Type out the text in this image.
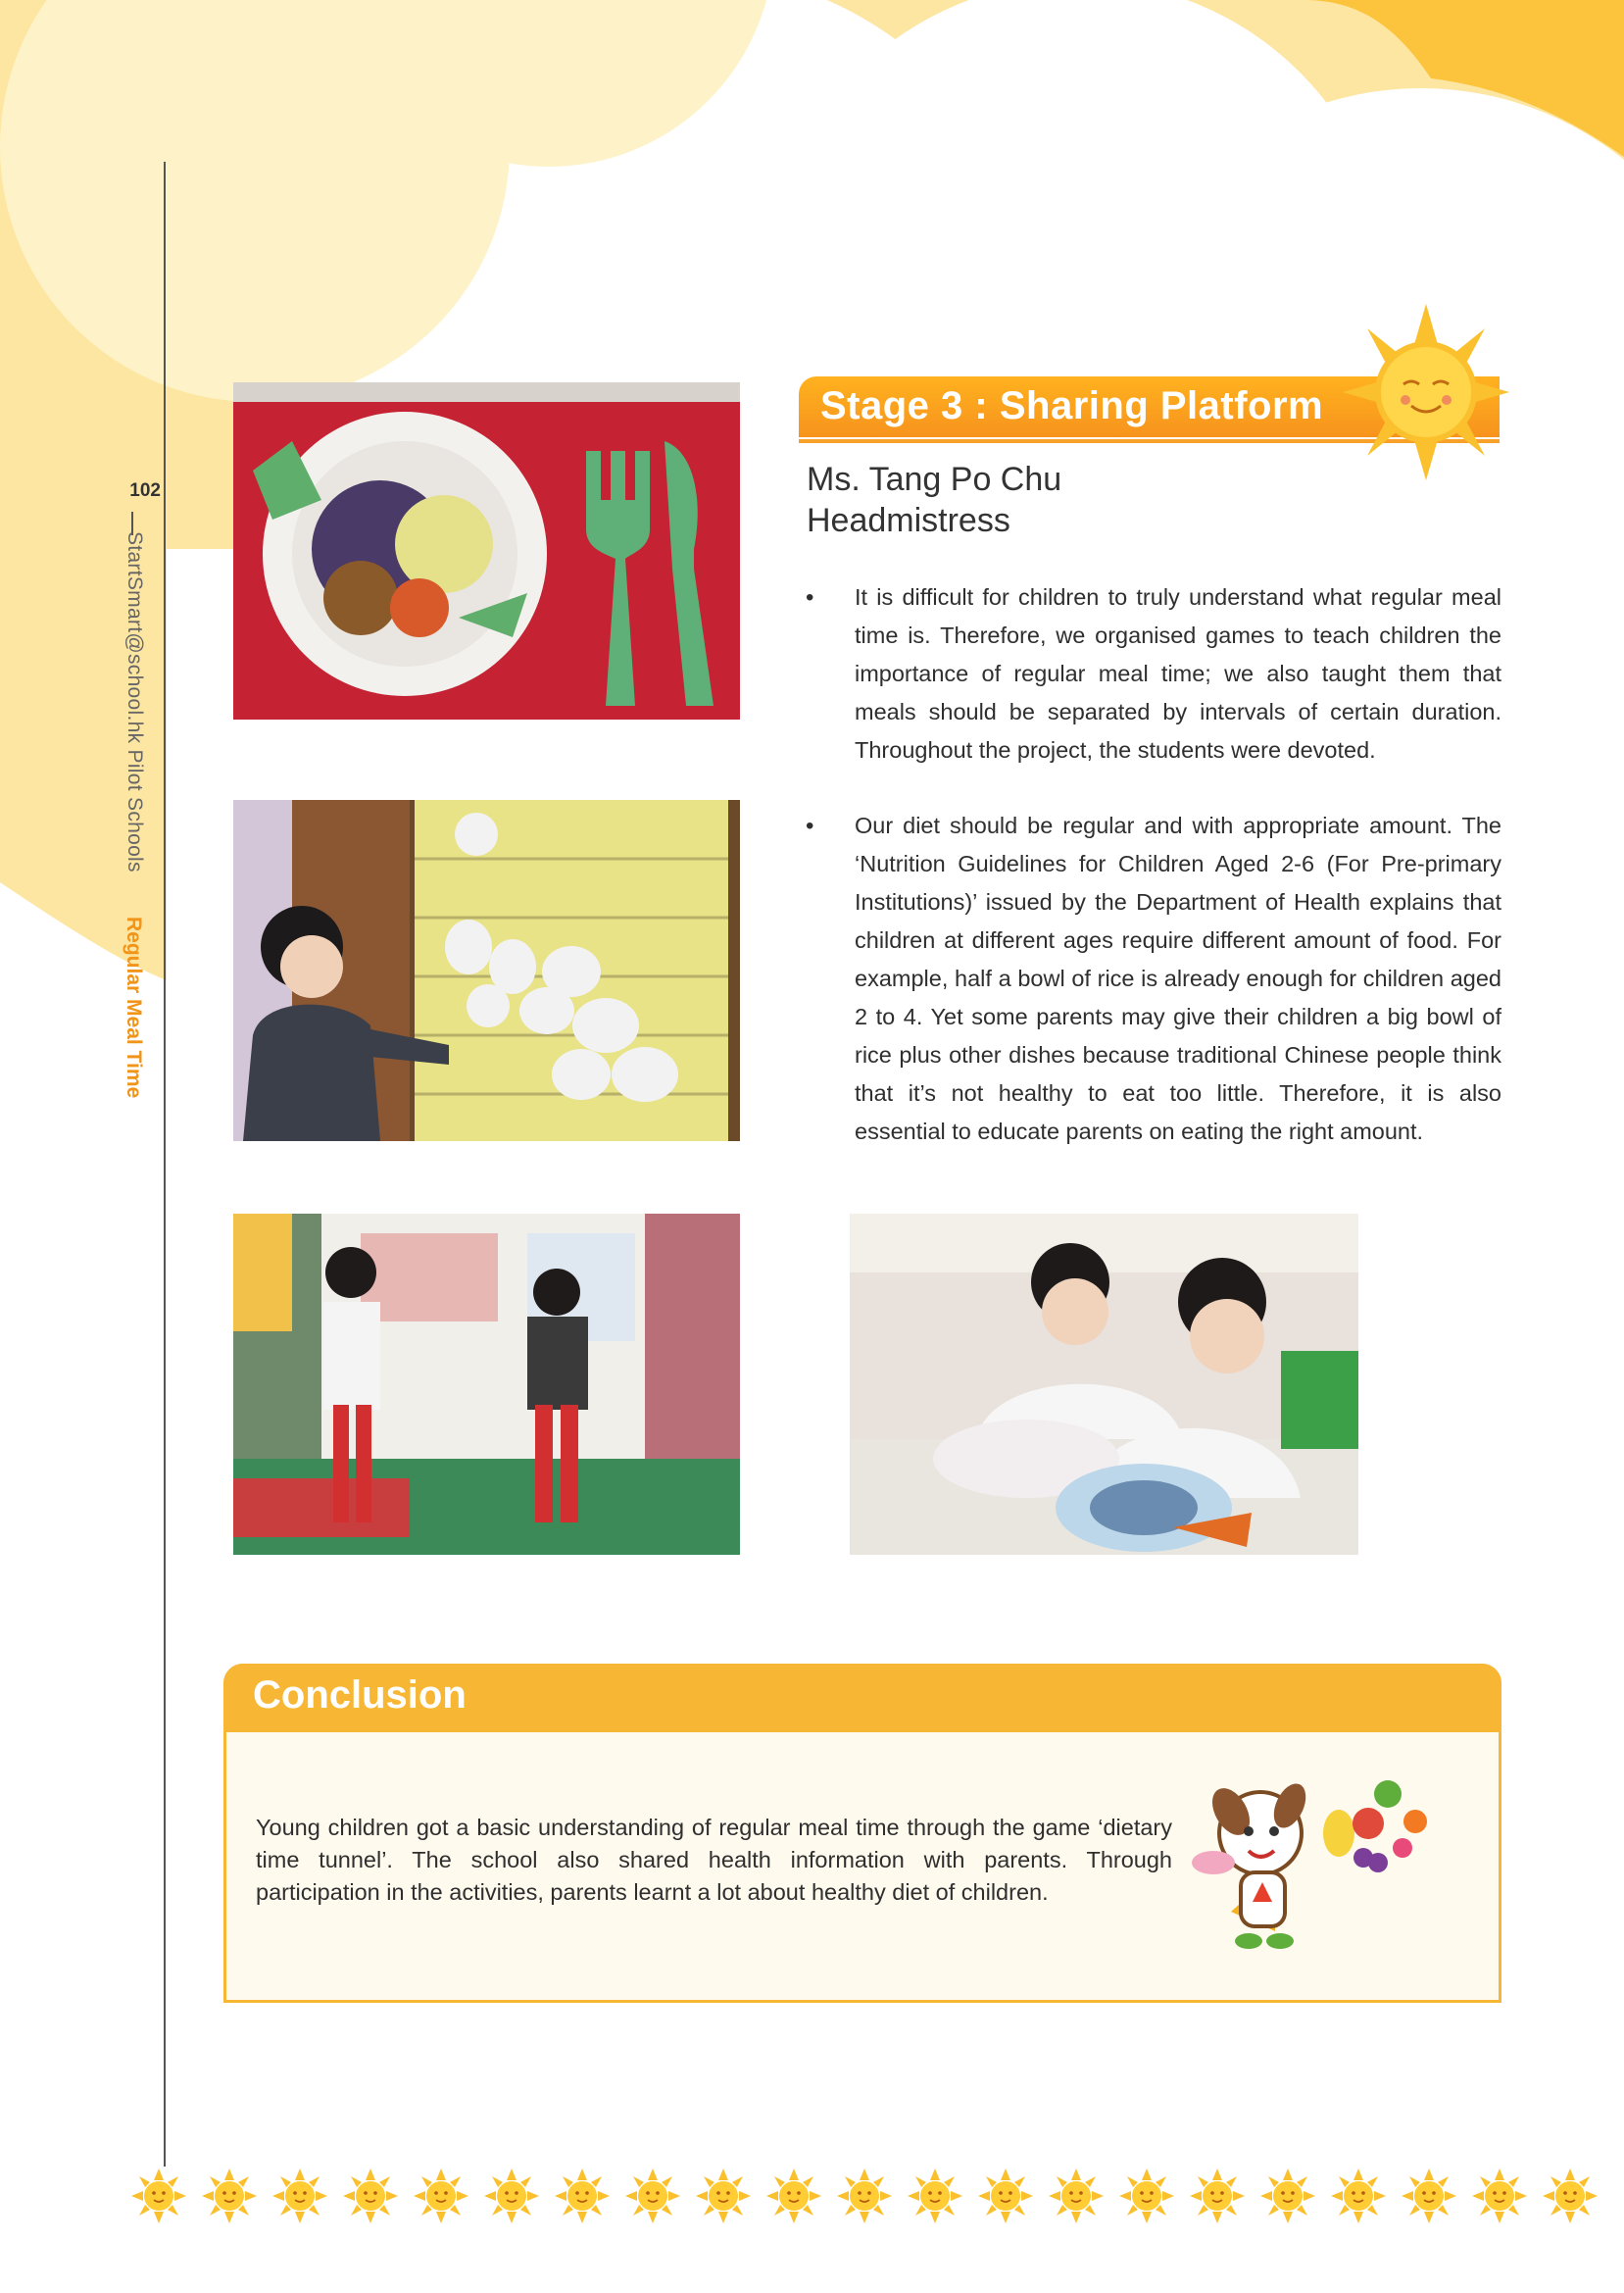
102
StartSmart@school.hk Pilot Schools
Regular Meal Time
Stage 3 : Sharing Platform
Ms. Tang Po Chu
Headmistress
• It is difficult for children to truly understand what regular meal time is. Therefore, we organised games to teach children the importance of regular meal time; we also taught them that meals should be separated by intervals of certain duration. Throughout the project, the students were devoted.
• Our diet should be regular and with appropriate amount. The ‘Nutrition Guidelines for Children Aged 2-6 (For Pre-primary Institutions)’ issued by the Department of Health explains that children at different ages require different amount of food. For example, half a bowl of rice is already enough for children aged 2 to 4. Yet some parents may give their children a big bowl of rice plus other dishes because traditional Chinese people think that it’s not healthy to eat too little. Therefore, it is also essential to educate parents on eating the right amount.
Conclusion
Young children got a basic understanding of regular meal time through the game ‘dietary time tunnel’. The school also shared health information with parents. Through participation in the activities, parents learnt a lot about healthy diet of children.
